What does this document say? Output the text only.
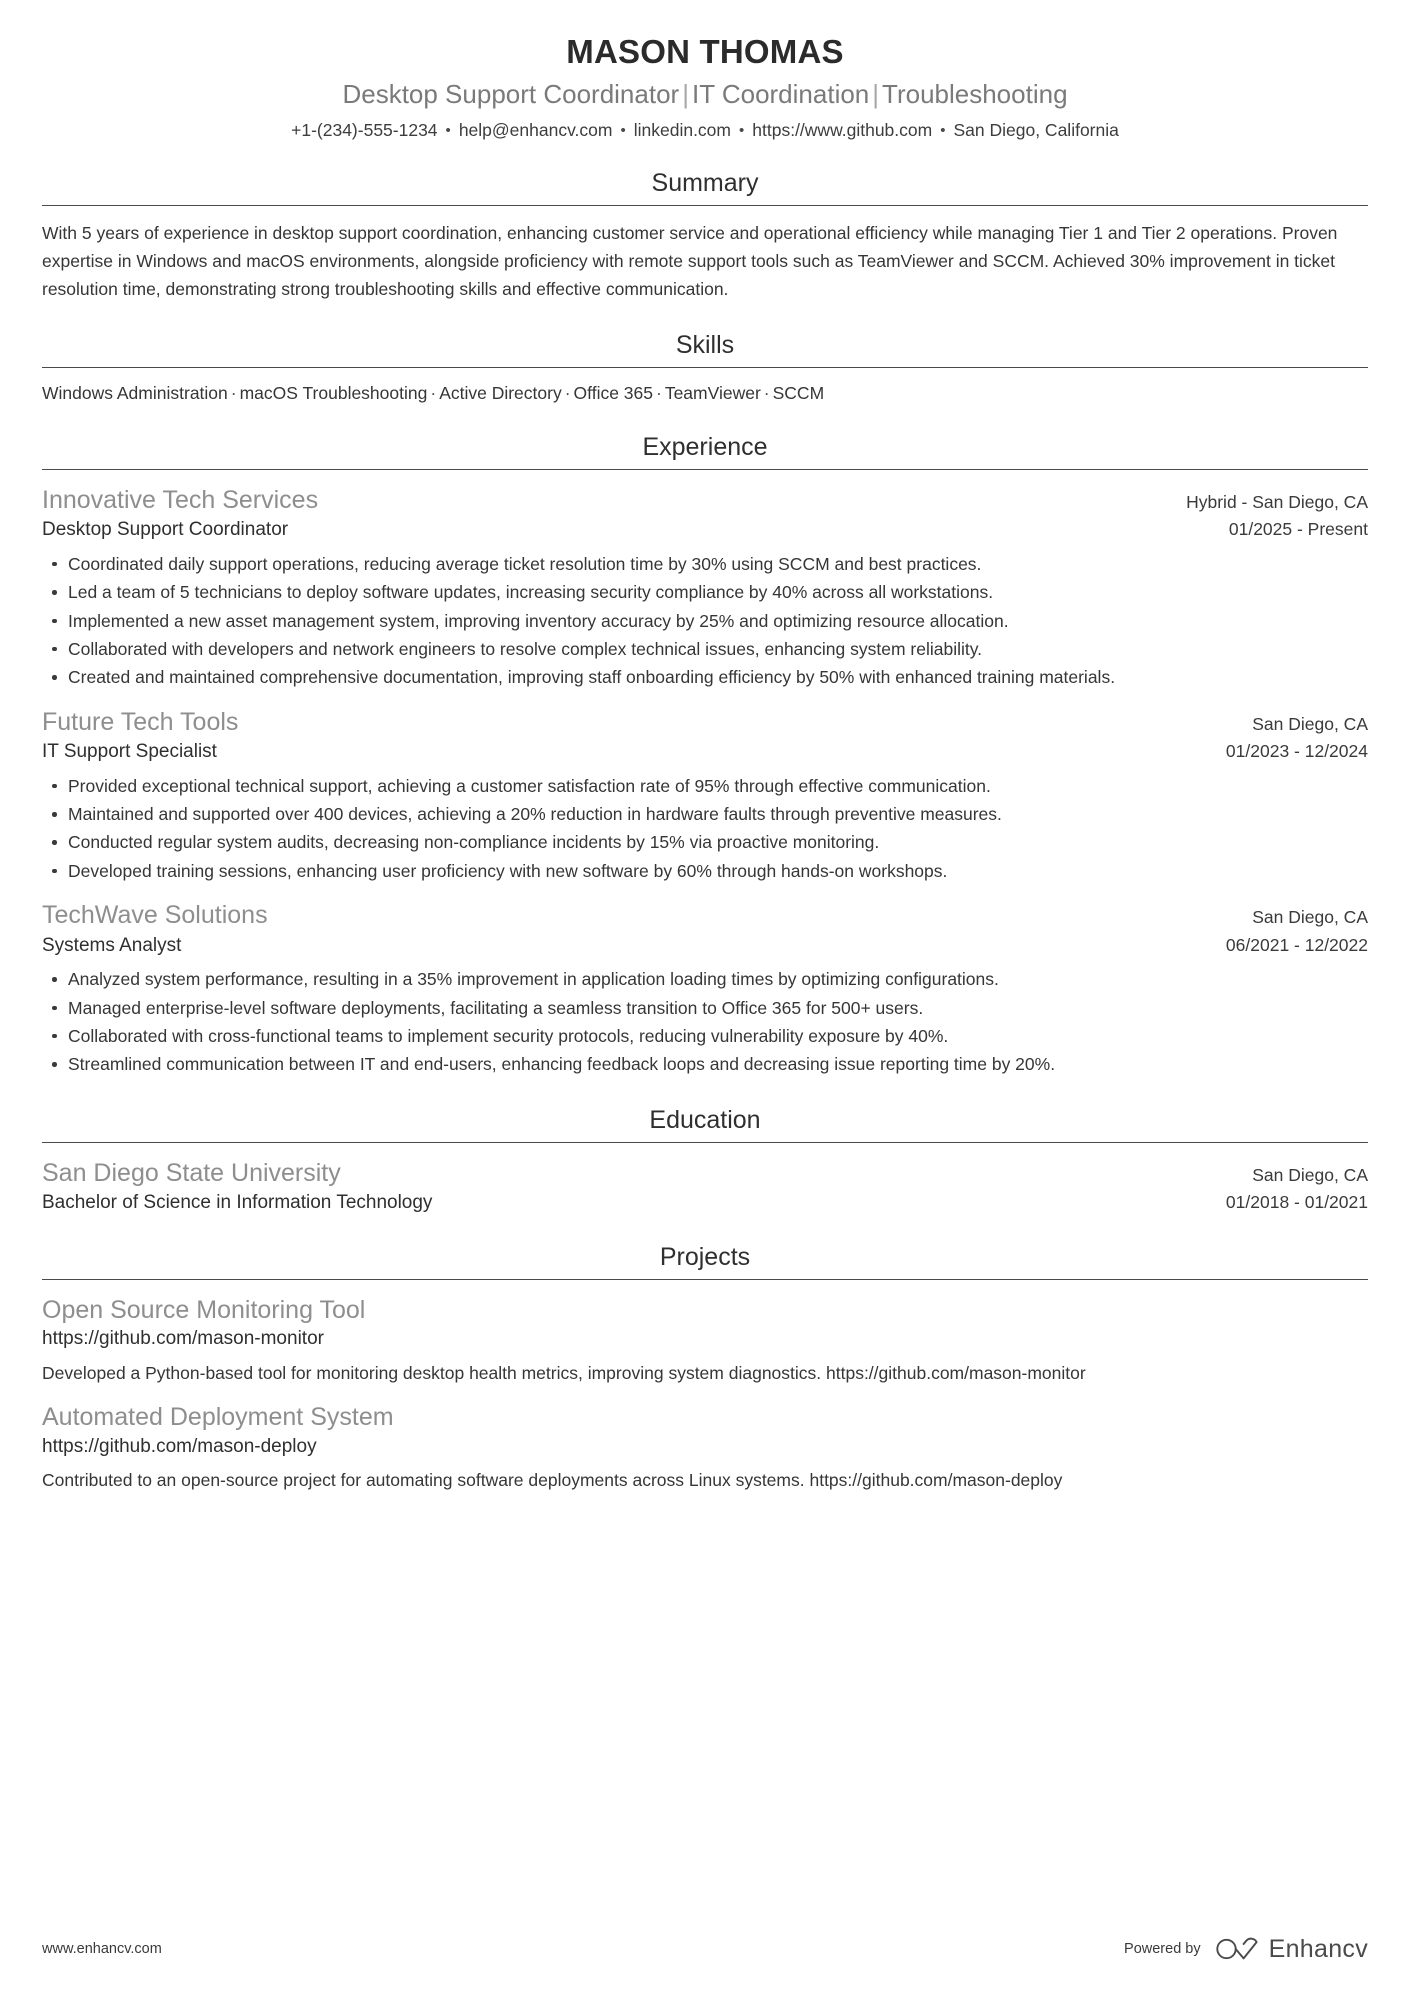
MASON THOMAS
Desktop Support Coordinator | IT Coordination | Troubleshooting
+1-(234)-555-1234 • help@enhancv.com • linkedin.com • https://www.github.com • San Diego, California
Summary

With 5 years of experience in desktop support coordination, enhancing customer service and operational efficiency while managing Tier 1 and Tier 2 operations. Proven expertise in Windows and macOS environments, alongside proficiency with remote support tools such as TeamViewer and SCCM. Achieved 30% improvement in ticket resolution time, demonstrating strong troubleshooting skills and effective communication.

Skills
Windows Administration · macOS Troubleshooting · Active Directory · Office 365 · TeamViewer · SCCM
Experience
Innovative Tech Services	Hybrid - San Diego, CA
Desktop Support Coordinator	01/2025 - Present
Coordinated daily support operations, reducing average ticket resolution time by 30% using SCCM and best practices.
Led a team of 5 technicians to deploy software updates, increasing security compliance by 40% across all workstations.
Implemented a new asset management system, improving inventory accuracy by 25% and optimizing resource allocation.
Collaborated with developers and network engineers to resolve complex technical issues, enhancing system reliability.
Created and maintained comprehensive documentation, improving staff onboarding efficiency by 50% with enhanced training materials.
Future Tech Tools	San Diego, CA
IT Support Specialist	01/2023 - 12/2024
Provided exceptional technical support, achieving a customer satisfaction rate of 95% through effective communication.
Maintained and supported over 400 devices, achieving a 20% reduction in hardware faults through preventive measures.
Conducted regular system audits, decreasing non-compliance incidents by 15% via proactive monitoring.
Developed training sessions, enhancing user proficiency with new software by 60% through hands-on workshops.
TechWave Solutions	San Diego, CA
Systems Analyst	06/2021 - 12/2022
Analyzed system performance, resulting in a 35% improvement in application loading times by optimizing configurations.
Managed enterprise-level software deployments, facilitating a seamless transition to Office 365 for 500+ users.
Collaborated with cross-functional teams to implement security protocols, reducing vulnerability exposure by 40%.
Streamlined communication between IT and end-users, enhancing feedback loops and decreasing issue reporting time by 20%.
Education
San Diego State University	San Diego, CA
Bachelor of Science in Information Technology	01/2018 - 01/2021
Projects
Open Source Monitoring Tool
https://github.com/mason-monitor
Developed a Python-based tool for monitoring desktop health metrics, improving system diagnostics. https://github.com/mason-monitor
Automated Deployment System
https://github.com/mason-deploy
Contributed to an open-source project for automating software deployments across Linux systems. https://github.com/mason-deploy
www.enhancv.com	Powered by	Enhancv
